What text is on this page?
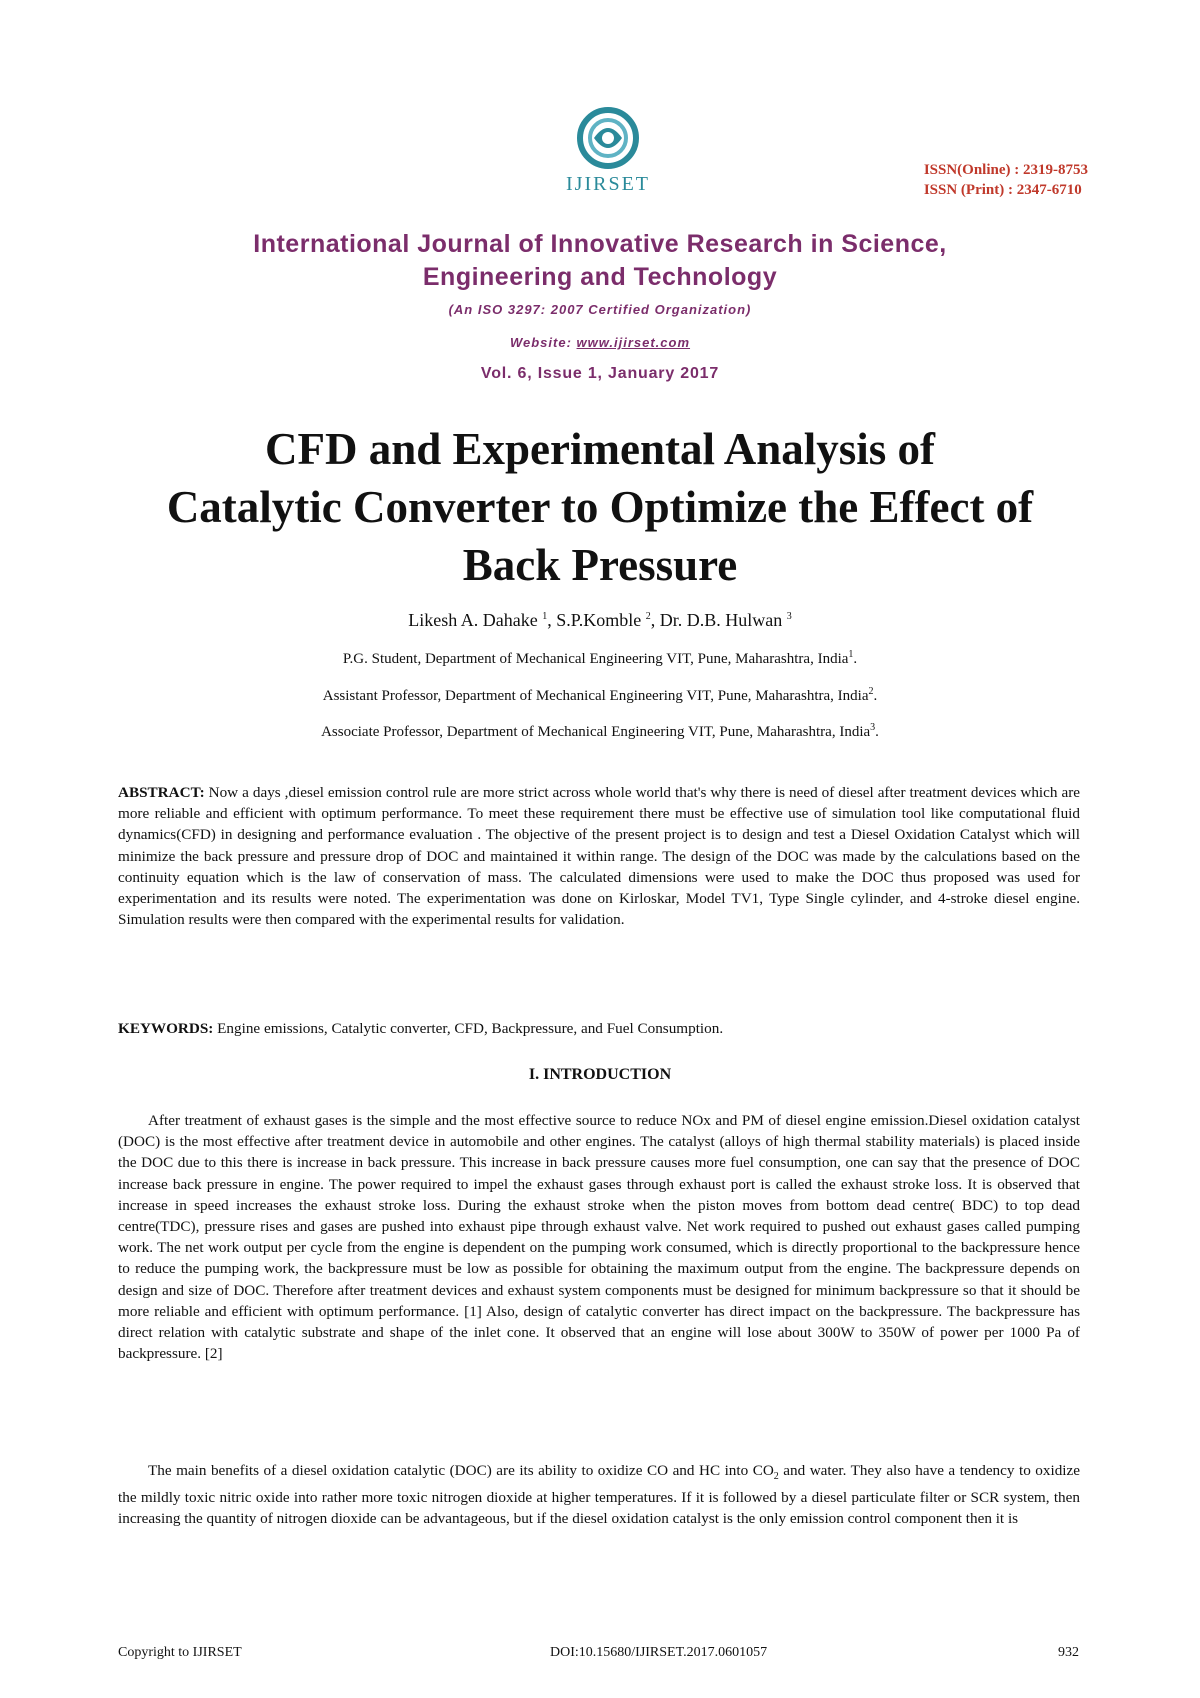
IJIRSET
ISSN(Online) : 2319-8753
ISSN (Print) : 2347-6710
International Journal of Innovative Research in Science,
Engineering and Technology
(An ISO 3297: 2007 Certified Organization)
Website: www.ijirset.com
Vol. 6, Issue 1, January 2017
CFD and Experimental Analysis of
Catalytic Converter to Optimize the Effect of
Back Pressure
Likesh A. Dahake $^1$, S.P.Komble $^2$, Dr. D.B. Hulwan $^3$
P.G. Student, Department of Mechanical Engineering VIT, Pune, Maharashtra, India$^1$.
Assistant Professor, Department of Mechanical Engineering VIT, Pune, Maharashtra, India$^2$.
Associate Professor, Department of Mechanical Engineering VIT, Pune, Maharashtra, India$^3$.
ABSTRACT: Now a days ,diesel emission control rule are more strict across whole world that's why there is need of diesel after treatment devices which are more reliable and efficient with optimum performance. To meet these requirement there must be effective use of simulation tool like computational fluid dynamics(CFD) in designing and performance evaluation . The objective of the present project is to design and test a Diesel Oxidation Catalyst which will minimize the back pressure and pressure drop of DOC and maintained it within range. The design of the DOC was made by the calculations based on the continuity equation which is the law of conservation of mass. The calculated dimensions were used to make the DOC thus proposed was used for experimentation and its results were noted. The experimentation was done on Kirloskar, Model TV1, Type Single cylinder, and 4-stroke diesel engine. Simulation results were then compared with the experimental results for validation.
KEYWORDS: Engine emissions, Catalytic converter, CFD, Backpressure, and Fuel Consumption.
I. INTRODUCTION
After treatment of exhaust gases is the simple and the most effective source to reduce NOx and PM of diesel engine emission.Diesel oxidation catalyst (DOC) is the most effective after treatment device in automobile and other engines. The catalyst (alloys of high thermal stability materials) is placed inside the DOC due to this there is increase in back pressure. This increase in back pressure causes more fuel consumption, one can say that the presence of DOC increase back pressure in engine. The power required to impel the exhaust gases through exhaust port is called the exhaust stroke loss. It is observed that increase in speed increases the exhaust stroke loss. During the exhaust stroke when the piston moves from bottom dead centre( BDC) to top dead centre(TDC), pressure rises and gases are pushed into exhaust pipe through exhaust valve. Net work required to pushed out exhaust gases called pumping work. The net work output per cycle from the engine is dependent on the pumping work consumed, which is directly proportional to the backpressure hence to reduce the pumping work, the backpressure must be low as possible for obtaining the maximum output from the engine. The backpressure depends on design and size of DOC. Therefore after treatment devices and exhaust system components must be designed for minimum backpressure so that it should be more reliable and efficient with optimum performance. [1] Also, design of catalytic converter has direct impact on the backpressure. The backpressure has direct relation with catalytic substrate and shape of the inlet cone. It observed that an engine will lose about 300W to 350W of power per 1000 Pa of backpressure. [2]
The main benefits of a diesel oxidation catalytic (DOC) are its ability to oxidize CO and HC into $CO_2$ and water. They also have a tendency to oxidize the mildly toxic nitric oxide into rather more toxic nitrogen dioxide at higher temperatures. If it is followed by a diesel particulate filter or SCR system, then increasing the quantity of nitrogen dioxide can be advantageous, but if the diesel oxidation catalyst is the only emission control component then it is
Copyright to IJIRSET	DOI:10.15680/IJIRSET.2017.0601057	932
